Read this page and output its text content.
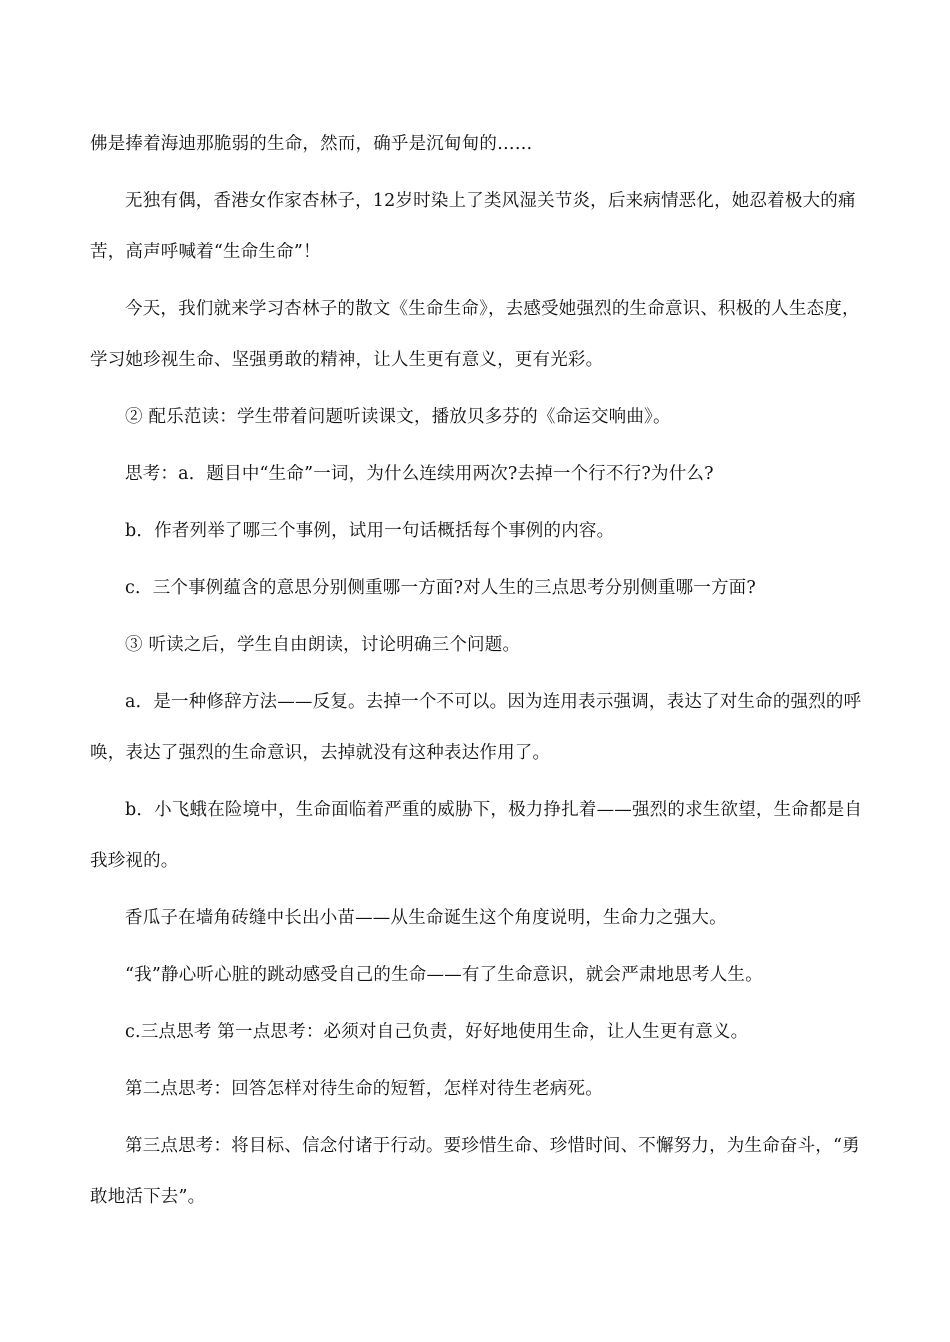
佛是捧着海迪那脆弱的生命，然而，确乎是沉甸甸的……

无独有偶，香港女作家杏林子，12岁时染上了类风湿关节炎，后来病情恶化，她忍着极大的痛苦，高声呼喊着“生命生命”！

今天，我们就来学习杏林子的散文《生命生命》，去感受她强烈的生命意识、积极的人生态度，学习她珍视生命、坚强勇敢的精神，让人生更有意义，更有光彩。

② 配乐范读：学生带着问题听读课文，播放贝多芬的《命运交响曲》。

思考：a．题目中“生命”一词，为什么连续用两次?去掉一个行不行?为什么?

b．作者列举了哪三个事例，试用一句话概括每个事例的内容。

c．三个事例蕴含的意思分别侧重哪一方面?对人生的三点思考分别侧重哪一方面?

③ 听读之后，学生自由朗读，讨论明确三个问题。

a．是一种修辞方法——反复。去掉一个不可以。因为连用表示强调，表达了对生命的强烈的呼唤，表达了强烈的生命意识，去掉就没有这种表达作用了。

b．小飞蛾在险境中，生命面临着严重的威胁下，极力挣扎着——强烈的求生欲望，生命都是自我珍视的。

香瓜子在墙角砖缝中长出小苗——从生命诞生这个角度说明，生命力之强大。

“我”静心听心脏的跳动感受自己的生命——有了生命意识，就会严肃地思考人生。

c.三点思考 第一点思考：必须对自己负责，好好地使用生命，让人生更有意义。

第二点思考：回答怎样对待生命的短暂，怎样对待生老病死。

第三点思考：将目标、信念付诸于行动。要珍惜生命、珍惜时间、不懈努力，为生命奋斗，“勇敢地活下去”。
